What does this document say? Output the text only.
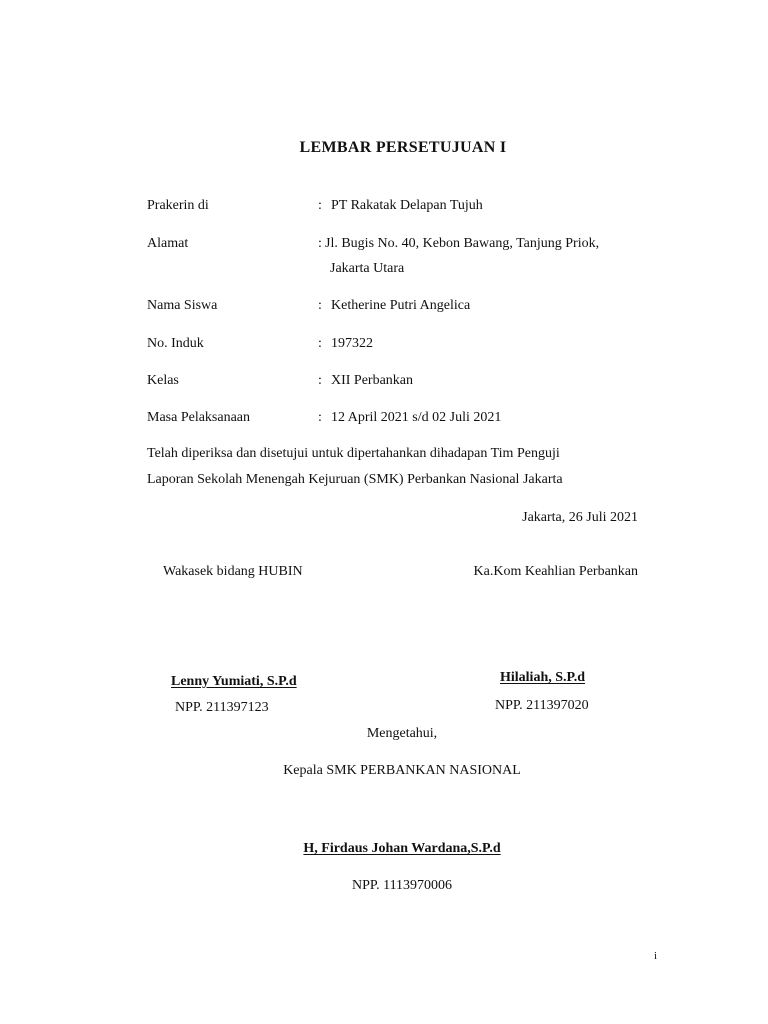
LEMBAR PERSETUJUAN I
Prakerin di	: PT Rakatak Delapan Tujuh
Alamat	: Jl. Bugis No. 40, Kebon Bawang, Tanjung Priok,
Jakarta Utara
Nama Siswa	: Ketherine Putri Angelica
No. Induk	: 197322
Kelas	: XII Perbankan
Masa Pelaksanaan	: 12 April 2021 s/d 02 Juli 2021
Telah diperiksa dan disetujui untuk dipertahankan dihadapan Tim Penguji
Laporan Sekolah Menengah Kejuruan (SMK) Perbankan Nasional Jakarta
Jakarta, 26 Juli 2021
Wakasek bidang HUBIN	Ka.Kom Keahlian Perbankan
Lenny Yumiati, S.P.d
NPP. 211397123
Hilaliah, S.P.d
NPP. 211397020
Mengetahui,
Kepala SMK PERBANKAN NASIONAL
H, Firdaus Johan Wardana,S.P.d
NPP. 1113970006
i
